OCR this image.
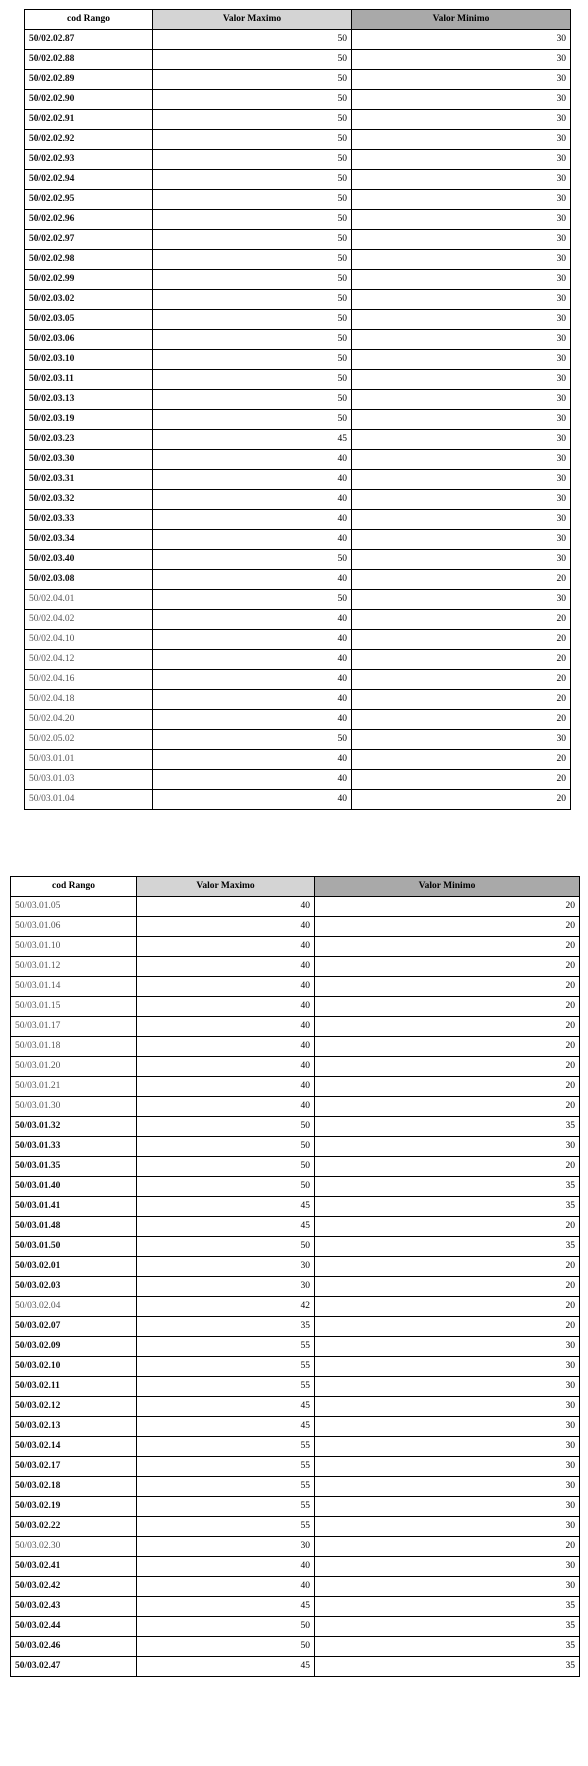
cod Rango	Valor Maximo	Valor Minimo
50/02.02.87	50	30
50/02.02.88	50	30
50/02.02.89	50	30
50/02.02.90	50	30
50/02.02.91	50	30
50/02.02.92	50	30
50/02.02.93	50	30
50/02.02.94	50	30
50/02.02.95	50	30
50/02.02.96	50	30
50/02.02.97	50	30
50/02.02.98	50	30
50/02.02.99	50	30
50/02.03.02	50	30
50/02.03.05	50	30
50/02.03.06	50	30
50/02.03.10	50	30
50/02.03.11	50	30
50/02.03.13	50	30
50/02.03.19	50	30
50/02.03.23	45	30
50/02.03.30	40	30
50/02.03.31	40	30
50/02.03.32	40	30
50/02.03.33	40	30
50/02.03.34	40	30
50/02.03.40	50	30
50/02.03.08	40	20
50/02.04.01	50	30
50/02.04.02	40	20
50/02.04.10	40	20
50/02.04.12	40	20
50/02.04.16	40	20
50/02.04.18	40	20
50/02.04.20	40	20
50/02.05.02	50	30
50/03.01.01	40	20
50/03.01.03	40	20
50/03.01.04	40	20
cod Rango	Valor Maximo	Valor Minimo
50/03.01.05	40	20
50/03.01.06	40	20
50/03.01.10	40	20
50/03.01.12	40	20
50/03.01.14	40	20
50/03.01.15	40	20
50/03.01.17	40	20
50/03.01.18	40	20
50/03.01.20	40	20
50/03.01.21	40	20
50/03.01.30	40	20
50/03.01.32	50	35
50/03.01.33	50	30
50/03.01.35	50	20
50/03.01.40	50	35
50/03.01.41	45	35
50/03.01.48	45	20
50/03.01.50	50	35
50/03.02.01	30	20
50/03.02.03	30	20
50/03.02.04	42	20
50/03.02.07	35	20
50/03.02.09	55	30
50/03.02.10	55	30
50/03.02.11	55	30
50/03.02.12	45	30
50/03.02.13	45	30
50/03.02.14	55	30
50/03.02.17	55	30
50/03.02.18	55	30
50/03.02.19	55	30
50/03.02.22	55	30
50/03.02.30	30	20
50/03.02.41	40	30
50/03.02.42	40	30
50/03.02.43	45	35
50/03.02.44	50	35
50/03.02.46	50	35
50/03.02.47	45	35
